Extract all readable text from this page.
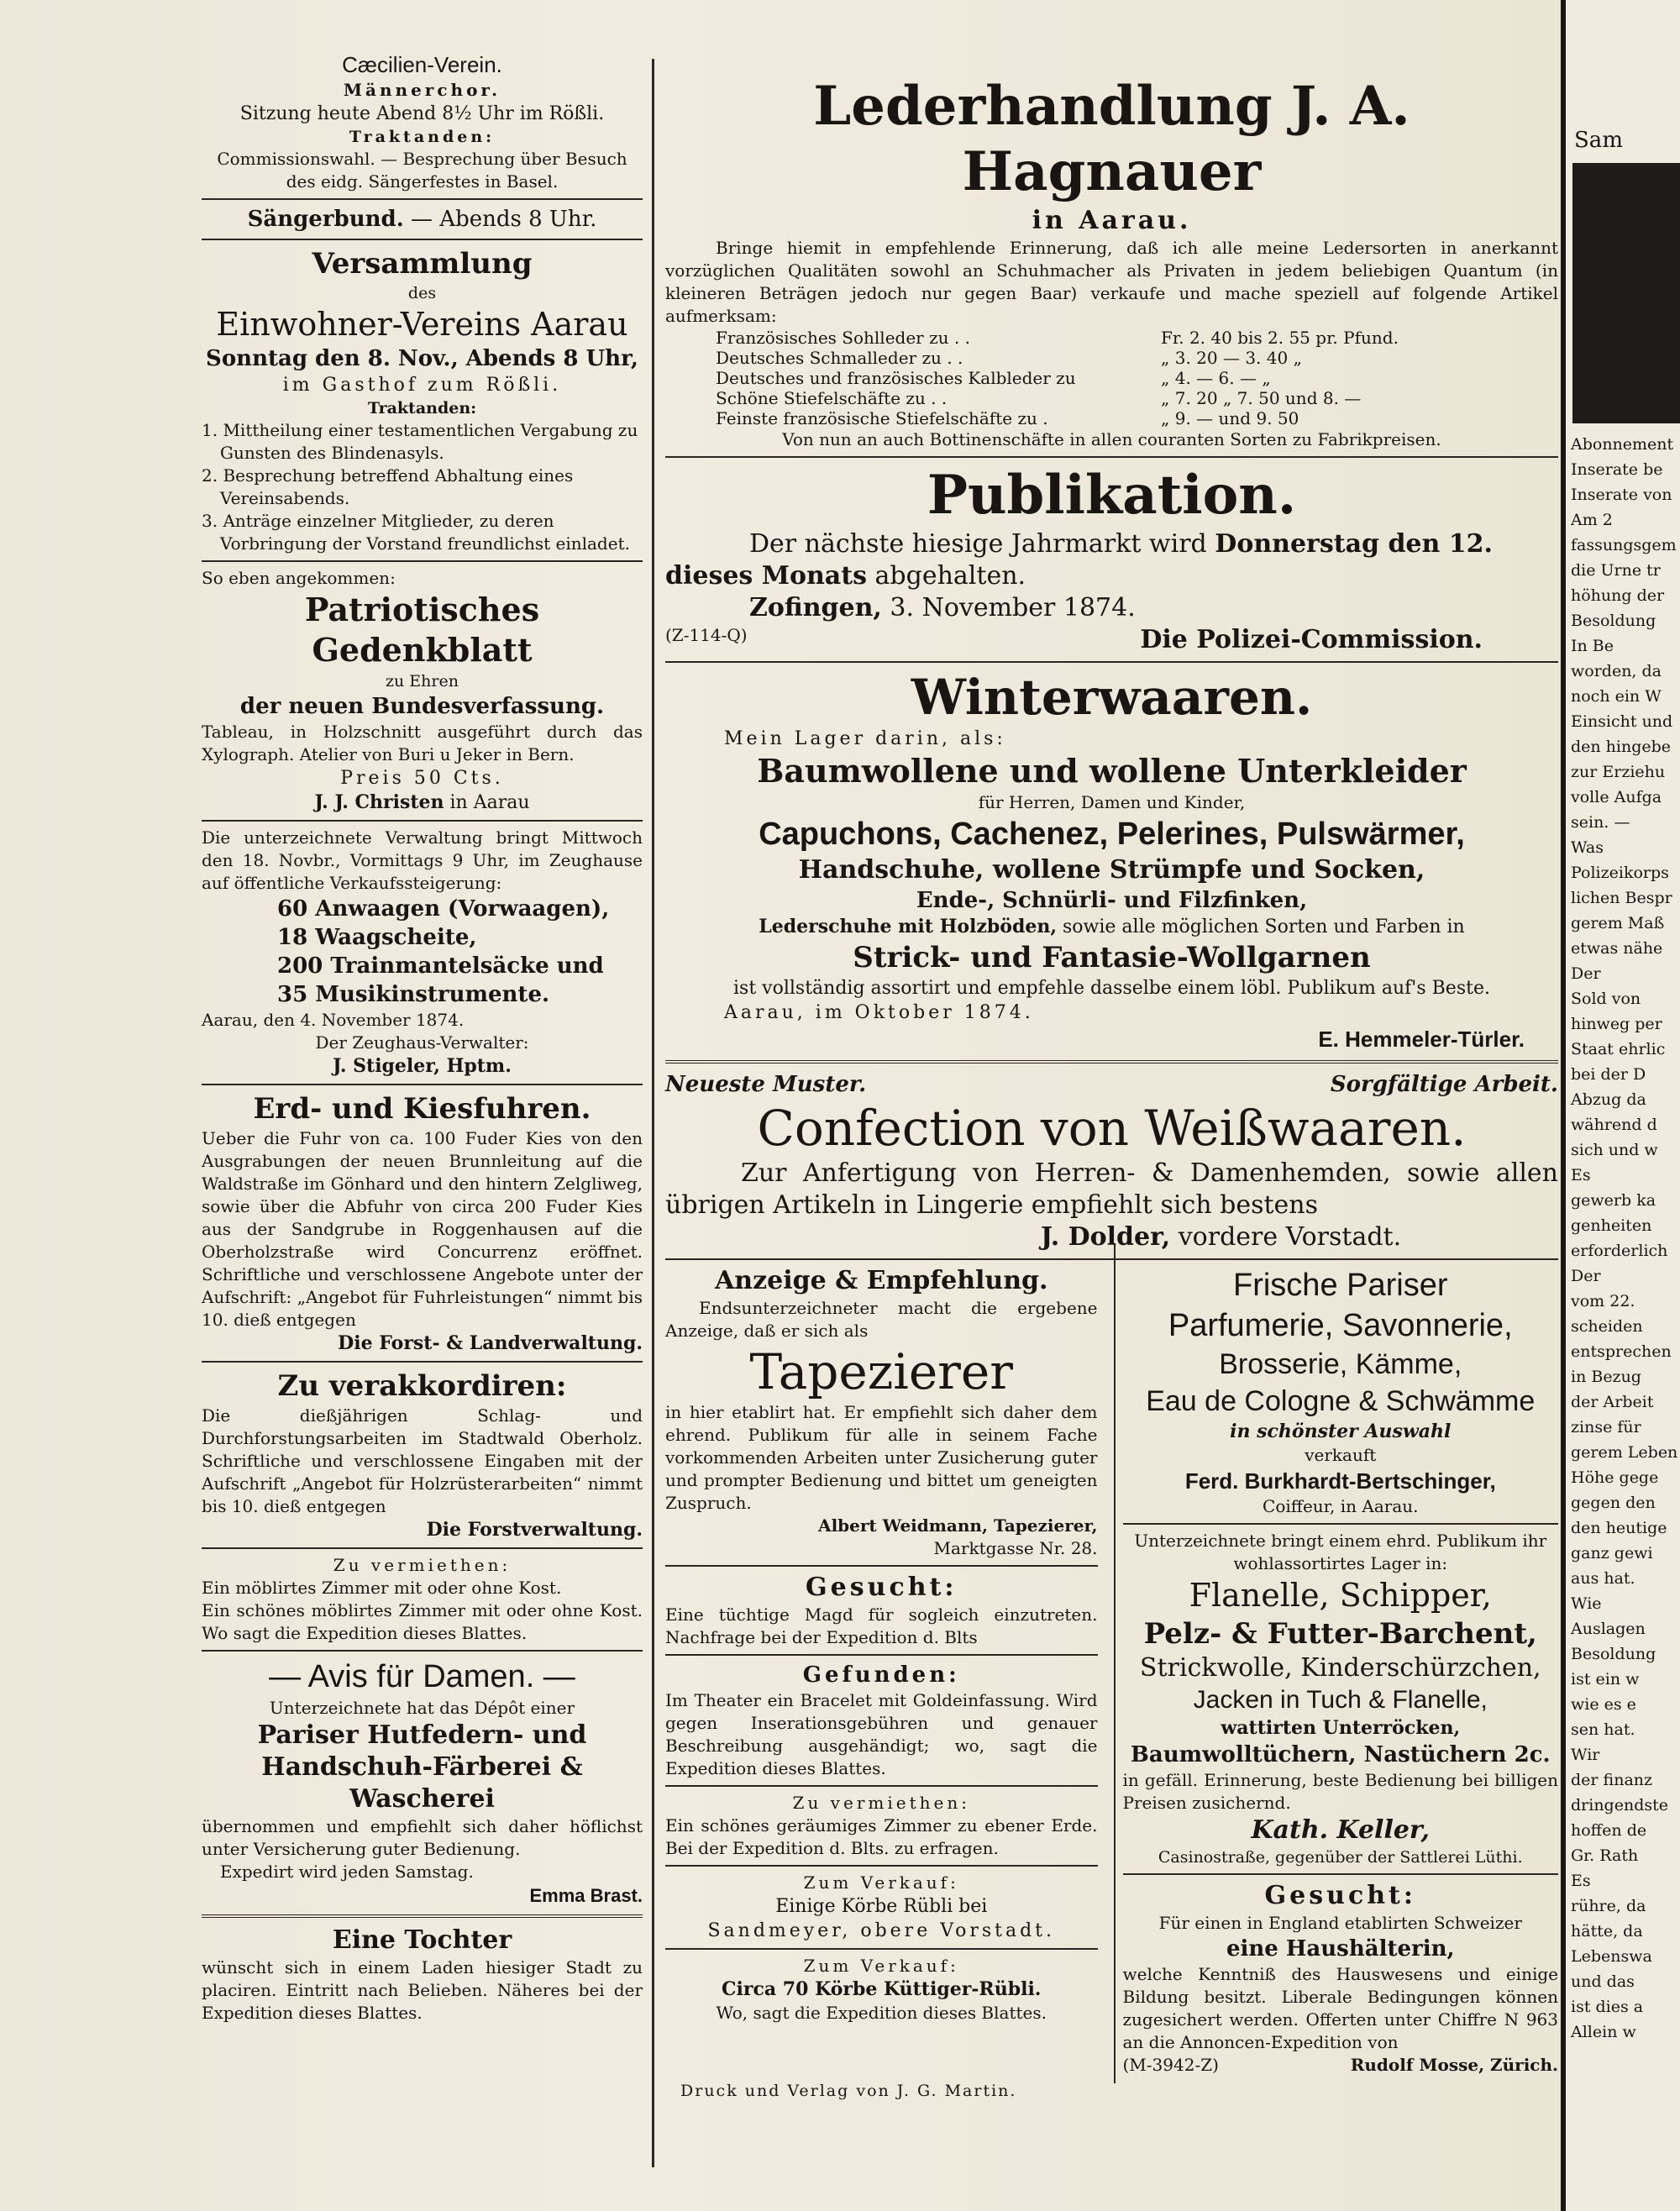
Cæcilien-Verein.

Männerchor.

Sitzung heute Abend 8½ Uhr im Rößli.

Traktanden:

Commissionswahl. — Besprechung über Besuch des eidg. Sängerfestes in Basel.

Sängerbund. — Abends 8 Uhr.

Versammlung

des

Einwohner-Vereins Aarau

Sonntag den 8. Nov., Abends 8 Uhr,

im Gasthof zum Rößli.

Traktanden:

1. Mittheilung einer testamentlichen Vergabung zu Gunsten des Blindenasyls.

2. Besprechung betreffend Abhaltung eines Vereinsabends.

3. Anträge einzelner Mitglieder, zu deren Vorbringung der Vorstand freundlichst einladet.

So eben angekommen:

Patriotisches Gedenkblatt

zu Ehren

der neuen Bundesverfassung.

Tableau, in Holzschnitt ausgeführt durch das Xylograph. Atelier von Buri u Jeker in Bern.

Preis 50 Cts.

J. J. Christen in Aarau

Die unterzeichnete Verwaltung bringt Mittwoch den 18. Novbr., Vormittags 9 Uhr, im Zeughause auf öffentliche Verkaufssteigerung:

60 Anwaagen (Vorwaagen),

18 Waagscheite,

200 Trainmantelsäcke und

35 Musikinstrumente.

Aarau, den 4. November 1874.

Der Zeughaus-Verwalter:

J. Stigeler, Hptm.

Erd- und Kiesfuhren.

Ueber die Fuhr von ca. 100 Fuder Kies von den Ausgrabungen der neuen Brunnleitung auf die Waldstraße im Gönhard und den hintern Zelgliweg, sowie über die Abfuhr von circa 200 Fuder Kies aus der Sandgrube in Roggenhausen auf die Oberholzstraße wird Concurrenz eröffnet. Schriftliche und verschlossene Angebote unter der Aufschrift: „Angebot für Fuhrleistungen“ nimmt bis 10. dieß entgegen

Die Forst- & Landverwaltung.

Zu verakkordiren:

Die dießjährigen Schlag- und Durchforstungsarbeiten im Stadtwald Oberholz. Schriftliche und verschlossene Eingaben mit der Aufschrift „Angebot für Holzrüsterarbeiten“ nimmt bis 10. dieß entgegen

Die Forstverwaltung.

Zu vermiethen:

Ein möblirtes Zimmer mit oder ohne Kost.

Ein schönes möblirtes Zimmer mit oder ohne Kost. Wo sagt die Expedition dieses Blattes.

— Avis für Damen. —

Unterzeichnete hat das Dépôt einer

Pariser Hutfedern- und Handschuh-Färberei & Wascherei

übernommen und empfiehlt sich daher höflichst unter Versicherung guter Bedienung.

Expedirt wird jeden Samstag.

Emma Brast.

Eine Tochter

wünscht sich in einem Laden hiesiger Stadt zu placiren. Eintritt nach Belieben. Näheres bei der Expedition dieses Blattes.

Lederhandlung J. A. Hagnauer

in Aarau.

Bringe hiemit in empfehlende Erinnerung, daß ich alle meine Ledersorten in anerkannt vorzüglichen Qualitäten sowohl an Schuhmacher als Privaten in jedem beliebigen Quantum (in kleineren Beträgen jedoch nur gegen Baar) verkaufe und mache speziell auf folgende Artikel aufmerksam:

Französisches Sohlleder zu . .	Fr. 2. 40 bis 2. 55 pr. Pfund.
Deutsches Schmalleder zu . .	„ 3. 20 — 3. 40 „
Deutsches und französisches Kalbleder zu	„ 4. — 6. — „
Schöne Stiefelschäfte zu . .	„ 7. 20 „ 7. 50 und 8. —
Feinste französische Stiefelschäfte zu .	„ 9. — und 9. 50

Von nun an auch Bottinenschäfte in allen couranten Sorten zu Fabrikpreisen.

Publikation.

Der nächste hiesige Jahrmarkt wird Donnerstag den 12. dieses Monats abgehalten.

Zofingen, 3. November 1874.

(Z-114-Q)	Die Polizei-Commission.

Winterwaaren.

Mein Lager darin, als:

Baumwollene und wollene Unterkleider

für Herren, Damen und Kinder,

Capuchons, Cachenez, Pelerines, Pulswärmer,

Handschuhe, wollene Strümpfe und Socken,

Ende-, Schnürli- und Filzfinken,

Lederschuhe mit Holzböden, sowie alle möglichen Sorten und Farben in

Strick- und Fantasie-Wollgarnen

ist vollständig assortirt und empfehle dasselbe einem löbl. Publikum auf's Beste.

Aarau, im Oktober 1874.

E. Hemmeler-Türler.

Neueste Muster.	Sorgfältige Arbeit.

Confection von Weißwaaren.

Zur Anfertigung von Herren- & Damenhemden, sowie allen übrigen Artikeln in Lingerie empfiehlt sich bestens

J. Dolder, vordere Vorstadt.

Anzeige & Empfehlung.

Endsunterzeichneter macht die ergebene Anzeige, daß er sich als

Tapezierer

in hier etablirt hat. Er empfiehlt sich daher dem ehrend. Publikum für alle in seinem Fache vorkommenden Arbeiten unter Zusicherung guter und prompter Bedienung und bittet um geneigten Zuspruch.

Albert Weidmann, Tapezierer,

Marktgasse Nr. 28.

Gesucht:

Eine tüchtige Magd für sogleich einzutreten. Nachfrage bei der Expedition d. Blts

Gefunden:

Im Theater ein Bracelet mit Goldeinfassung. Wird gegen Inserationsgebühren und genauer Beschreibung ausgehändigt; wo, sagt die Expedition dieses Blattes.

Zu vermiethen:

Ein schönes geräumiges Zimmer zu ebener Erde. Bei der Expedition d. Blts. zu erfragen.

Zum Verkauf:

Einige Körbe Rübli bei

Sandmeyer, obere Vorstadt.

Zum Verkauf:

Circa 70 Körbe Küttiger-Rübli.

Wo, sagt die Expedition dieses Blattes.

Frische Pariser

Parfumerie, Savonnerie,

Brosserie, Kämme,

Eau de Cologne & Schwämme

in schönster Auswahl

verkauft

Ferd. Burkhardt-Bertschinger,

Coiffeur, in Aarau.

Unterzeichnete bringt einem ehrd. Publikum ihr wohlassortirtes Lager in:

Flanelle, Schipper,

Pelz- & Futter-Barchent,

Strickwolle, Kinderschürzchen,

Jacken in Tuch & Flanelle,

wattirten Unterröcken,

Baumwolltüchern, Nastüchern 2c.

in gefäll. Erinnerung, beste Bedienung bei billigen Preisen zusichernd.

Kath. Keller,

Casinostraße, gegenüber der Sattlerei Lüthi.

Gesucht:

Für einen in England etablirten Schweizer

eine Haushälterin,

welche Kenntniß des Hauswesens und einige Bildung besitzt. Liberale Bedingungen können zugesichert werden. Offerten unter Chiffre N 963 an die Annoncen-Expedition von

(M-3942-Z)	Rudolf Mosse, Zürich.

Druck und Verlag von J. G. Martin.

Sam

Abonnement

Inserate be

Inserate von

Am 2

fassungsgem

die Urne tr

höhung der

Besoldung

In Be

worden, da

noch ein W

Einsicht und

den hingebe

zur Erziehu

volle Aufga

sein. —

Was

Polizeikorps

lichen Bespr

gerem Maß

etwas nähe

Der

Sold von

hinweg per

Staat ehrlic

bei der D

Abzug da

während d

sich und w

Es

gewerb ka

genheiten

erforderlich

Der

vom 22.

scheiden

entsprechen

in Bezug

der Arbeit

zinse für

gerem Leben

Höhe gege

gegen den

den heutige

ganz gewi

aus hat.

Wie

Auslagen

Besoldung

ist ein w

wie es e

sen hat.

Wir

der finanz

dringendste

hoffen de

Gr. Rath

Es

rühre, da

hätte, da

Lebenswa

und das

ist dies a

Allein w
